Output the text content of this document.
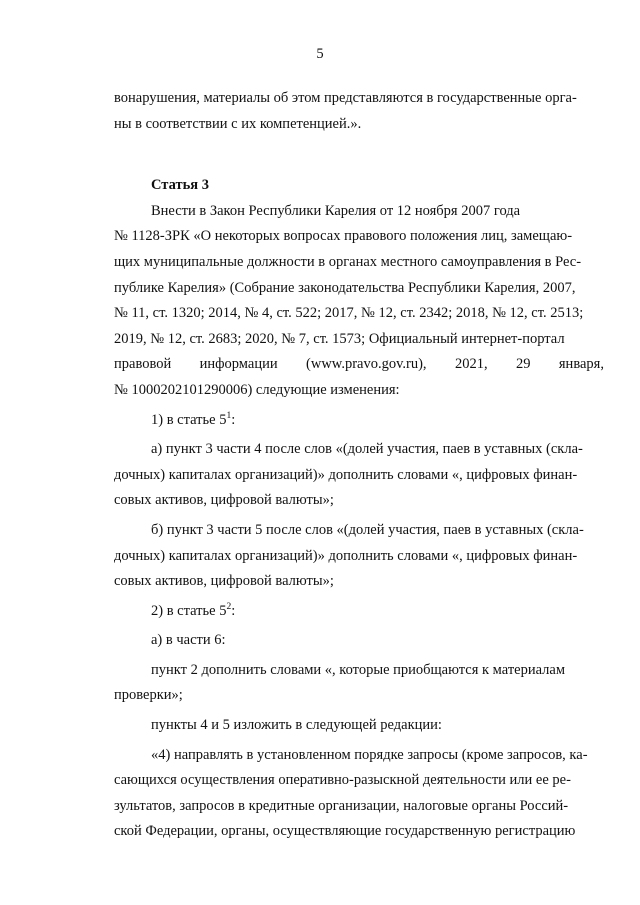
5

вонарушения, материалы об этом представляются в государственные орга-

ны в соответствии с их компетенцией.».

Статья 3

Внести в Закон Республики Карелия от 12 ноября 2007 года

№ 1128-ЗРК «О некоторых вопросах правового положения лиц, замещаю-

щих муниципальные должности в органах местного самоуправления в Рес-

публике Карелия» (Собрание законодательства Республики Карелия, 2007,

№ 11, ст. 1320; 2014, № 4, ст. 522; 2017, № 12, ст. 2342; 2018, № 12, ст. 2513;

2019, № 12, ст. 2683; 2020, № 7, ст. 1573; Официальный интернет-портал

правовой информации (www.pravo.gov.ru), 2021, 29 января,

№ 1000202101290006) следующие изменения:

1) в статье $5^1$:

а) пункт 3 части 4 после слов «(долей участия, паев в уставных (скла-

дочных) капиталах организаций)» дополнить словами «, цифровых финан-

совых активов, цифровой валюты»;

б) пункт 3 части 5 после слов «(долей участия, паев в уставных (скла-

дочных) капиталах организаций)» дополнить словами «, цифровых финан-

совых активов, цифровой валюты»;

2) в статье $5^2$:

а) в части 6:

пункт 2 дополнить словами «, которые приобщаются к материалам

проверки»;

пункты 4 и 5 изложить в следующей редакции:

«4) направлять в установленном порядке запросы (кроме запросов, ка-

сающихся осуществления оперативно-разыскной деятельности или ее ре-

зультатов, запросов в кредитные организации, налоговые органы Россий-

ской Федерации, органы, осуществляющие государственную регистрацию
